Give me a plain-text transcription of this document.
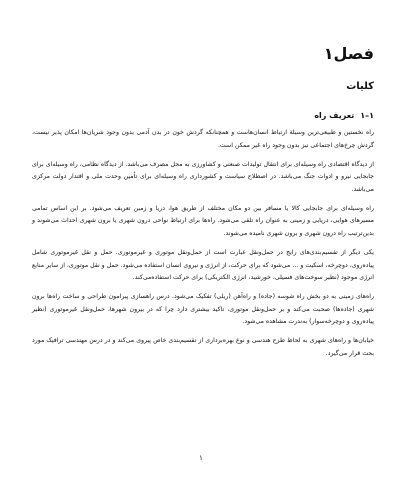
فصل۱
کلیات
۱–۱
تعریف راه

راه نخستین و طبیعی‌ترین وسیلهٔ ارتباط انسان‌هاست و همچنانکه گردش خون در بدن آدمی بدون وجود شریان‌ها امکان پذیر نیست، گردش چرخ‌های اجتماعی نیز بدون وجود راه غیر ممکن است.

از دیدگاه اقتصادی راه وسیله‌ای برای انتقال تولیدات صنعتی و کشاورزی به محل مصرف می‌باشد. از دیدگاه نظامی، راه وسیله‌ای برای جابجایی نیرو و ادوات جنگ می‌باشد. در اصطلاح سیاست و کشورداری راه وسیله‌ای برای تأمین وحدت ملی و اقتدار دولت مرکزی می‌باشد.

راه وسیله‌ای برای جابجایی کالا یا مسافر بین دو مکان مختلف از طریق هوا، دریا و زمین تعریف می‌شود. بر این اساس تمامی مسیرهای هوایی، دریایی و زمینی به عنوان راه تلقی می‌شود. راه‌ها برای ارتباط نواحی درون شهری یا برون شهری احداث می‌شوند و بدین‌ترتیب راه درون شهری و برون شهری نامیده می‌شوند.

یکی دیگر از تقسیم‌بندی‌های رایج در حمل‌ونقل عبارت است از حمل‌ونقل موتوری و غیرموتوری. حمل و نقل غیرموتوری شامل پیاده‌روی، دوچرخه، اسکیت و … می‌شود که برای حرکت، از انرژی و نیروی انسان استفاده می‌شود. حمل و نقل موتوری، از سایر منابع انرژی موجود (نظیر سوخت‌های فسیلی، خورشید، انرژی الکتریکی) برای حرکت استفاده‌می‌کند.

راه‌های زمینی به دو بخش راه شوسه (جاده) و راه‌آهن (ریلی) تفکیک می‌شود. درس راهسازی پیرامون طراحی و ساخت راه‌ها برون شهری (جاده‌ها) صحبت می‌کند و بر حمل‌ونقل موتوری، تاکید بیشتری دارد چرا که در بیرون شهرها، حمل‌ونقل غیرموتوری (نظیر پیاده‌روی و دوچرخه‌سوار) به‌ندرت مشاهده می‌شود.

خیابان‌ها و راه‌های شهری به لحاظ طرح هندسی و نوع بهره‌برداری از تقسیم‌بندی خاص پیروی می‌کند و در درس مهندسی ترافیک مورد بحث قرار می‌گیرد.

۱
